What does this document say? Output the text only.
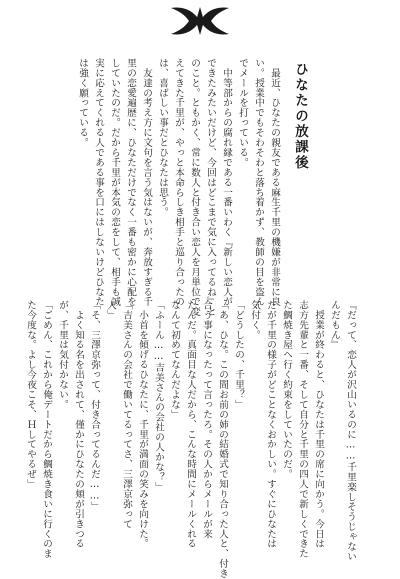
ひなたの放課後
　最近、ひなたの親友である麻生千里の機嫌が非常に良
い。授業中でもそわそわと落ち着かず、教師の目を盗ん
でメールを打っている。
　中等部からの腐れ縁である一番いわく『新しい恋人が
できたみたいだけど、今回はどこまで気に入ってるね』と
のこと。ともかく、常に数人と付き合い恋人を月単位で変
えてきた千里が、やっと本命らしき相手と巡り合ったの
は、喜ばしい事だとひなたは思う。
　友達の考え方に文句を言う気はないが、奔放すぎる千
里の恋愛遍歴に、ひなただけでなく一番も密かに心配を
していたのだ。だから千里が本気の恋をして、相手も誠
実に応えてくれる人である事を口にはしないけどひなた
は強く願っている。
『だって、恋人が沢山いるのに……千里楽しそうじゃない
んだもん』
　授業が終わると、ひなたは千里の席に向かう。今日は
志方先輩と一番、そして自分と千里の四人で新しくできた
た鯛焼き屋へ行く約束をしていたのだ。
だが千里の様子がどことなくおかしい。すぐにひなたは
気付く。
「どうしたの、千里？」
「あ、ひな。この間お前の姉の結婚式で知り合った人と、付き
合う事になったって言ったろ。その人からメールが来
たんだ。真面目な人だから、こんな時間にメールくれる
なんて初めてなんだよな」
「ふーん……吉美さんの会社の人かな？」
　小首を傾げるひなたに、千里が満面の笑みを向けた。
「吉美さんの会社で働いてるってさ、三澤京弥って
人」
「そ、三澤京弥って、付き合ってるんだ……」
　よく知る名を出されて、僅かにひなたの頬が引きつる
が、千里は気付かない。
「ごめん、これから俺デートだから鯛焼き食いに行くのま
た今度な。よし今夜こそ、Ｈしてやるぜ」
